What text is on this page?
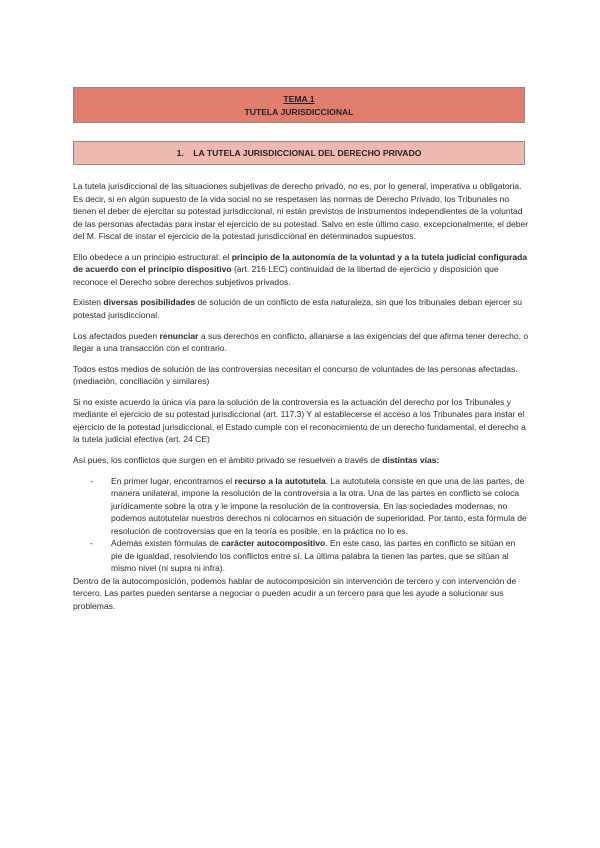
TEMA 1
TUTELA JURISDICCIONAL
1.    LA TUTELA JURISDICCIONAL DEL DERECHO PRIVADO

La tutela jurisdiccional de las situaciones subjetivas de derecho privado, no es, por lo general, imperativa u obligatoria. Es decir, si en algún supuesto de la vida social no se respetasen las normas de Derecho Privado, los Tribunales no tienen el deber de ejercitar su potestad jurisdiccional, ni están previstos de instrumentos independientes de la voluntad de las personas afectadas para instar el ejercicio de su potestad. Salvo en este último caso, excepcionalmente, el deber del M. Fiscal de instar el ejercicio de la potestad jurisdiccional en determinados supuestos.

Ello obedece a un principio estructural: el principio de la autonomía de la voluntad y a la tutela judicial configurada de acuerdo con el principio dispositivo (art. 216 LEC) continuidad de la libertad de ejercicio y disposición que reconoce el Derecho sobre derechos subjetivos privados.

Existen diversas posibilidades de solución de un conflicto de esta naturaleza, sin que los tribunales deban ejercer su potestad jurisdiccional.

Los afectados pueden renunciar a sus derechos en conflicto, allanarse a las exigencias del que afirma tener derecho, o llegar a una transacción con el contrario.

Todos estos medios de solución de las controversias necesitan el concurso de voluntades de las personas afectadas. (mediación, conciliación y similares)

Si no existe acuerdo la única vía para la solución de la controversia es la actuación del derecho por los Tribunales y mediante el ejercicio de su potestad jurisdiccional (art. 117.3) Y al establecerse el acceso a los Tribunales para instar el ejercicio de la potestad jurisdiccional, el Estado cumple con el reconocimiento de un derecho fundamental, el derecho a la tutela judicial efectiva (art. 24 CE)

Así pues, los conflictos que surgen en el ámbito privado se resuelven a través de distintas vías:

- En primer lugar, encontramos el recurso a la autotutela. La autotutela consiste en que una de las partes, de manera unilateral, impone la resolución de la controversia a la otra. Una de las partes en conflicto se coloca jurídicamente sobre la otra y le impone la resolución de la controversia. En las sociedades modernas, no podemos autotutelar nuestros derechos ni colocarnos en situación de superioridad. Por tanto, esta fórmula de resolución de controversias que en la teoría es posible, en la práctica no lo es.
- Además existen fórmulas de carácter autocompositivo. En este caso, las partes en conflicto se sitúan en pie de igualdad, resolviendo los conflictos entre sí. La última palabra la tienen las partes, que se sitúan al mismo nivel (ni supra ni infra).

Dentro de la autocomposición, podemos hablar de autocomposición sin intervención de tercero y con intervención de tercero. Las partes pueden sentarse a negociar o pueden acudir a un tercero para que les ayude a solucionar sus problemas.
